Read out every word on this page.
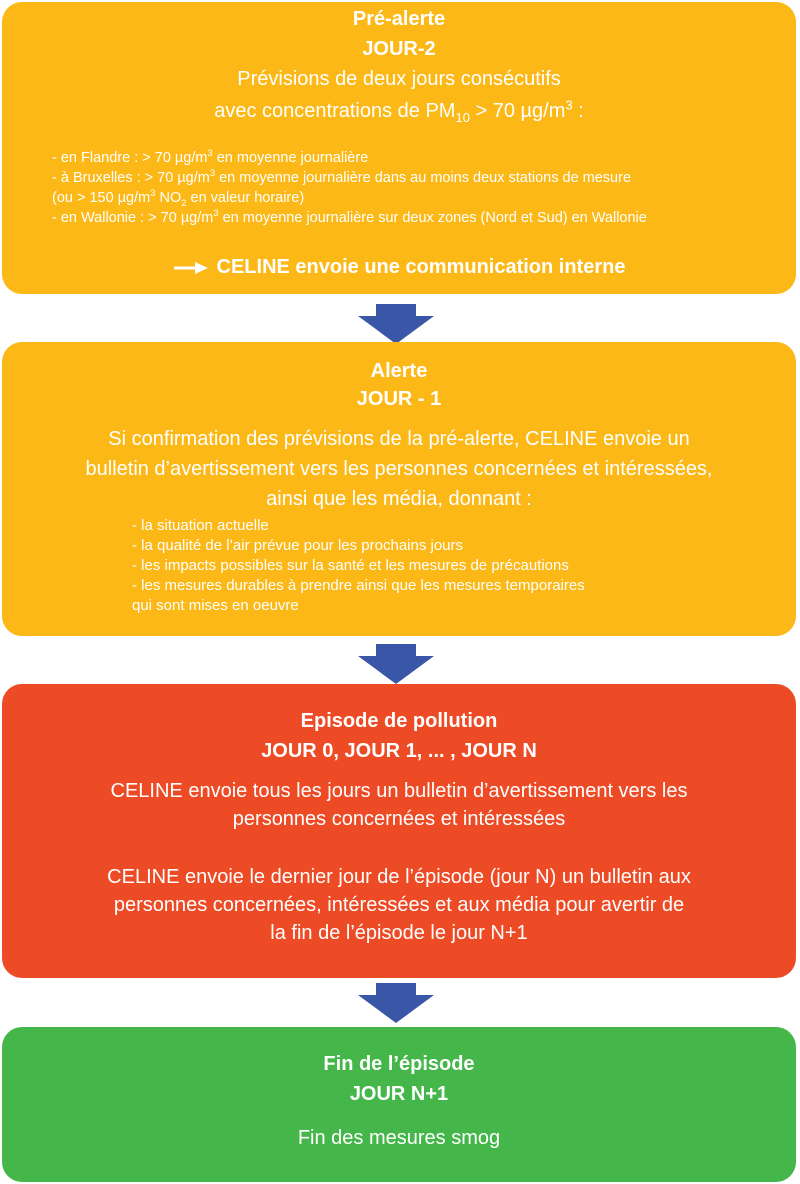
Pré-alerte

JOUR-2

Prévisions de deux jours consécutifs

avec concentrations de $PM_{10} > 70$ $\mu g/m^3$ :

- en Flandre : > 70 $\mu g/m^3$ en moyenne journalière
- à Bruxelles : > 70 $\mu g/m^3$ en moyenne journalière dans au moins deux stations de mesure
(ou > 150 $\mu g/m^3$ $NO_2$ en valeur horaire)
- en Wallonie : > 70 $\mu g/m^3$ en moyenne journalière sur deux zones (Nord et Sud) en Wallonie

CELINE envoie une communication interne

Alerte

JOUR - 1

Si confirmation des prévisions de la pré-alerte, CELINE envoie un

bulletin d’avertissement vers les personnes concernées et intéressées,

ainsi que les média, donnant :

- la situation actuelle
- la qualité de l’air prévue pour les prochains jours
- les impacts possibles sur la santé et les mesures de précautions
- les mesures durables à prendre ainsi que les mesures temporaires
qui sont mises en oeuvre

Episode de pollution

JOUR 0, JOUR 1, ... , JOUR N

CELINE envoie tous les jours un bulletin d’avertissement vers les

personnes concernées et intéressées

CELINE envoie le dernier jour de l’épisode (jour N) un bulletin aux

personnes concernées, intéressées et aux média pour avertir de

la fin de l’épisode le jour N+1

Fin de l’épisode

JOUR N+1

Fin des mesures smog
